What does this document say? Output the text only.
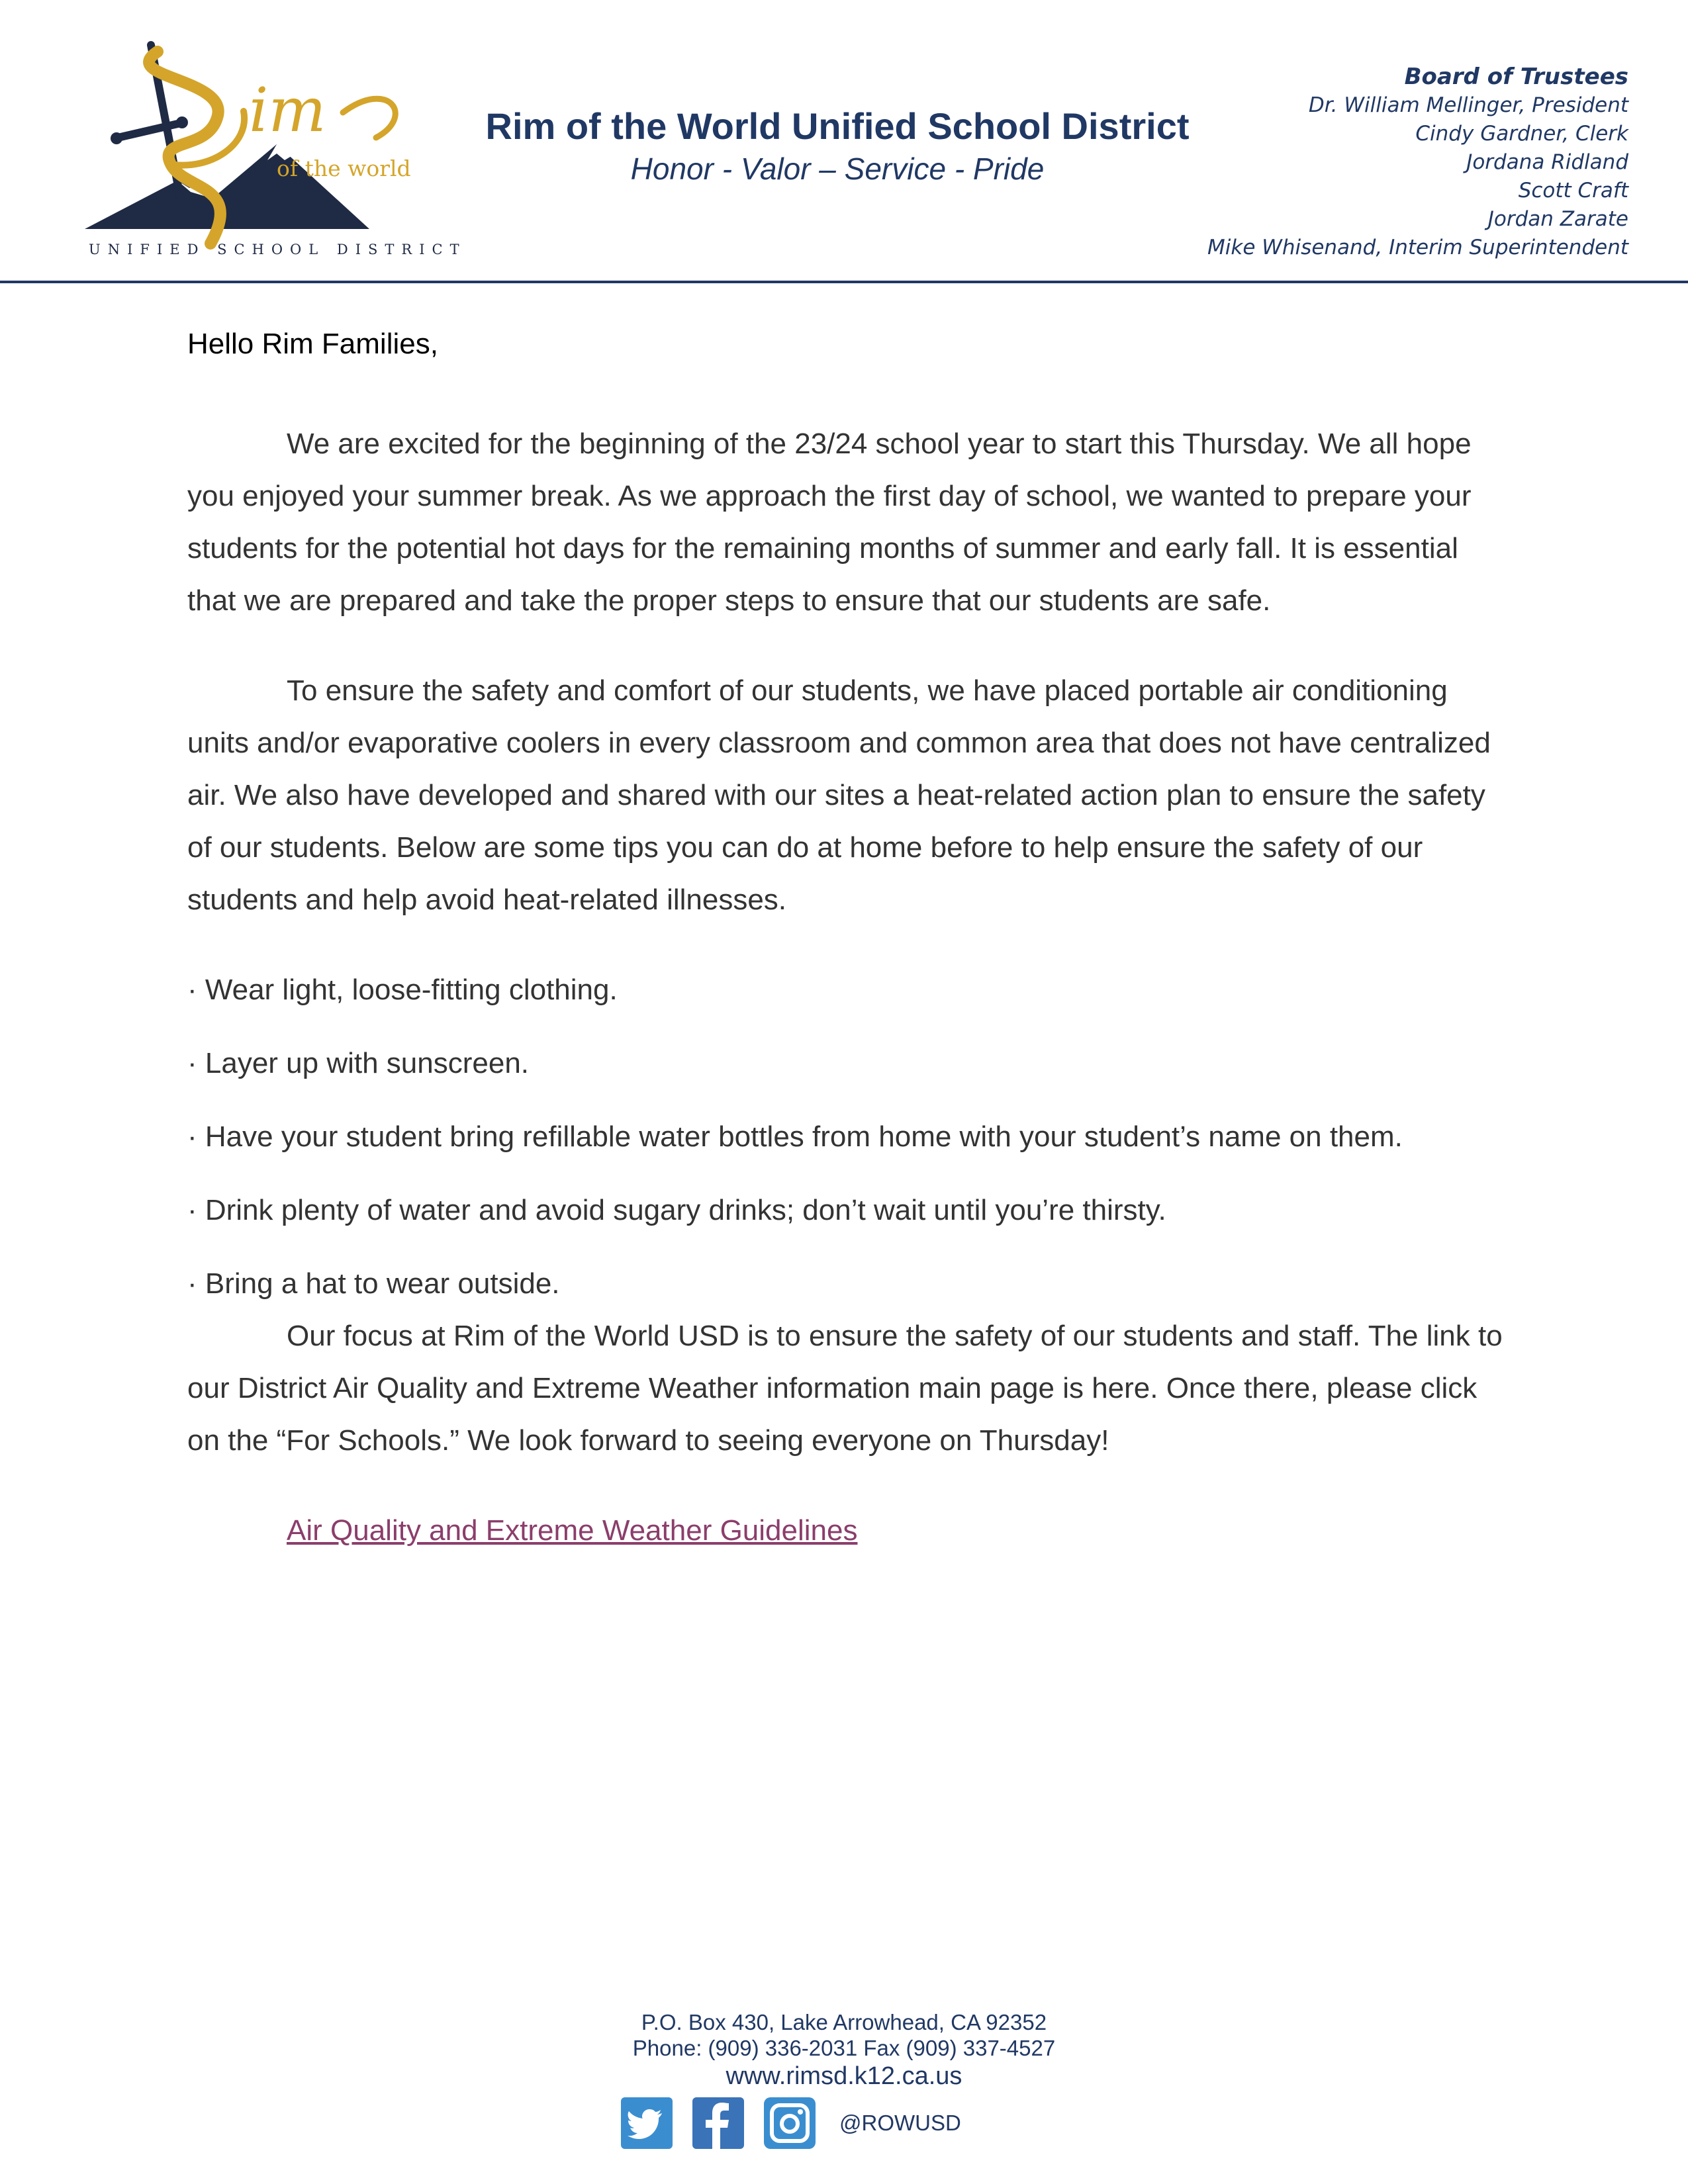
im
of the world
UNIFIED SCHOOL DISTRICT
Rim of the World Unified School District
Honor - Valor – Service - Pride
Board of Trustees
Dr. William Mellinger, President
Cindy Gardner, Clerk
Jordana Ridland
Scott Craft
Jordan Zarate
Mike Whisenand, Interim Superintendent

Hello Rim Families,

We are excited for the beginning of the 23/24 school year to start this Thursday. We all hope you enjoyed your summer break. As we approach the first day of school, we wanted to prepare your students for the potential hot days for the remaining months of summer and early fall. It is essential that we are prepared and take the proper steps to ensure that our students are safe.

To ensure the safety and comfort of our students, we have placed portable air conditioning units and/or evaporative coolers in every classroom and common area that does not have centralized air. We also have developed and shared with our sites a heat-related action plan to ensure the safety of our students. Below are some tips you can do at home before to help ensure the safety of our students and help avoid heat-related illnesses.

· Wear light, loose-fitting clothing.
· Layer up with sunscreen.
· Have your student bring refillable water bottles from home with your student’s name on them.
· Drink plenty of water and avoid sugary drinks; don’t wait until you’re thirsty.
· Bring a hat to wear outside.

Our focus at Rim of the World USD is to ensure the safety of our students and staff. The link to our District Air Quality and Extreme Weather information main page is here. Once there, please click on the “For Schools.” We look forward to seeing everyone on Thursday!

Air Quality and Extreme Weather Guidelines

P.O. Box 430, Lake Arrowhead, CA 92352
Phone: (909) 336-2031 Fax (909) 337-4527
www.rimsd.k12.ca.us
@ROWUSD
